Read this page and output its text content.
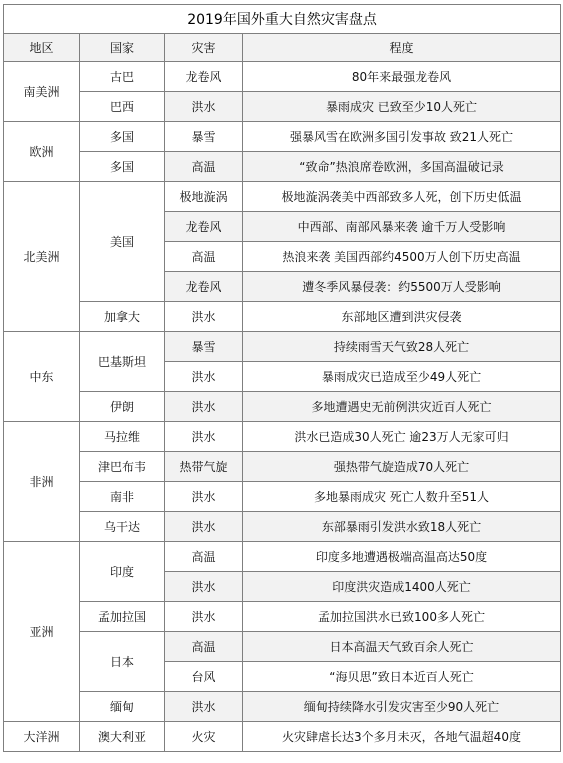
2019年国外重大自然灾害盘点			
地区	国家	灾害	程度
南美洲	古巴	龙卷风	80年来最强龙卷风
	巴西	洪水	暴雨成灾 已致至少10人死亡
欧洲	多国	暴雪	强暴风雪在欧洲多国引发事故 致21人死亡
	多国	高温	“致命”热浪席卷欧洲，多国高温破记录
北美洲	美国	极地漩涡	极地漩涡袭美中西部致多人死，创下历史低温
		龙卷风	中西部、南部风暴来袭 逾千万人受影响
		高温	热浪来袭 美国西部约4500万人创下历史高温
		龙卷风	遭冬季风暴侵袭：约5500万人受影响
	加拿大	洪水	东部地区遭到洪灾侵袭
中东	巴基斯坦	暴雪	持续雨雪天气致28人死亡
		洪水	暴雨成灾已造成至少49人死亡
	伊朗	洪水	多地遭遇史无前例洪灾近百人死亡
非洲	马拉维	洪水	洪水已造成30人死亡 逾23万人无家可归
	津巴布韦	热带气旋	强热带气旋造成70人死亡
	南非	洪水	多地暴雨成灾 死亡人数升至51人
	乌干达	洪水	东部暴雨引发洪水致18人死亡
亚洲	印度	高温	印度多地遭遇极端高温高达50度
		洪水	印度洪灾造成1400人死亡
	孟加拉国	洪水	孟加拉国洪水已致100多人死亡
	日本	高温	日本高温天气致百余人死亡
		台风	“海贝思”致日本近百人死亡
	缅甸	洪水	缅甸持续降水引发灾害至少90人死亡
大洋洲	澳大利亚	火灾	火灾肆虐长达3个多月未灭，各地气温超40度
